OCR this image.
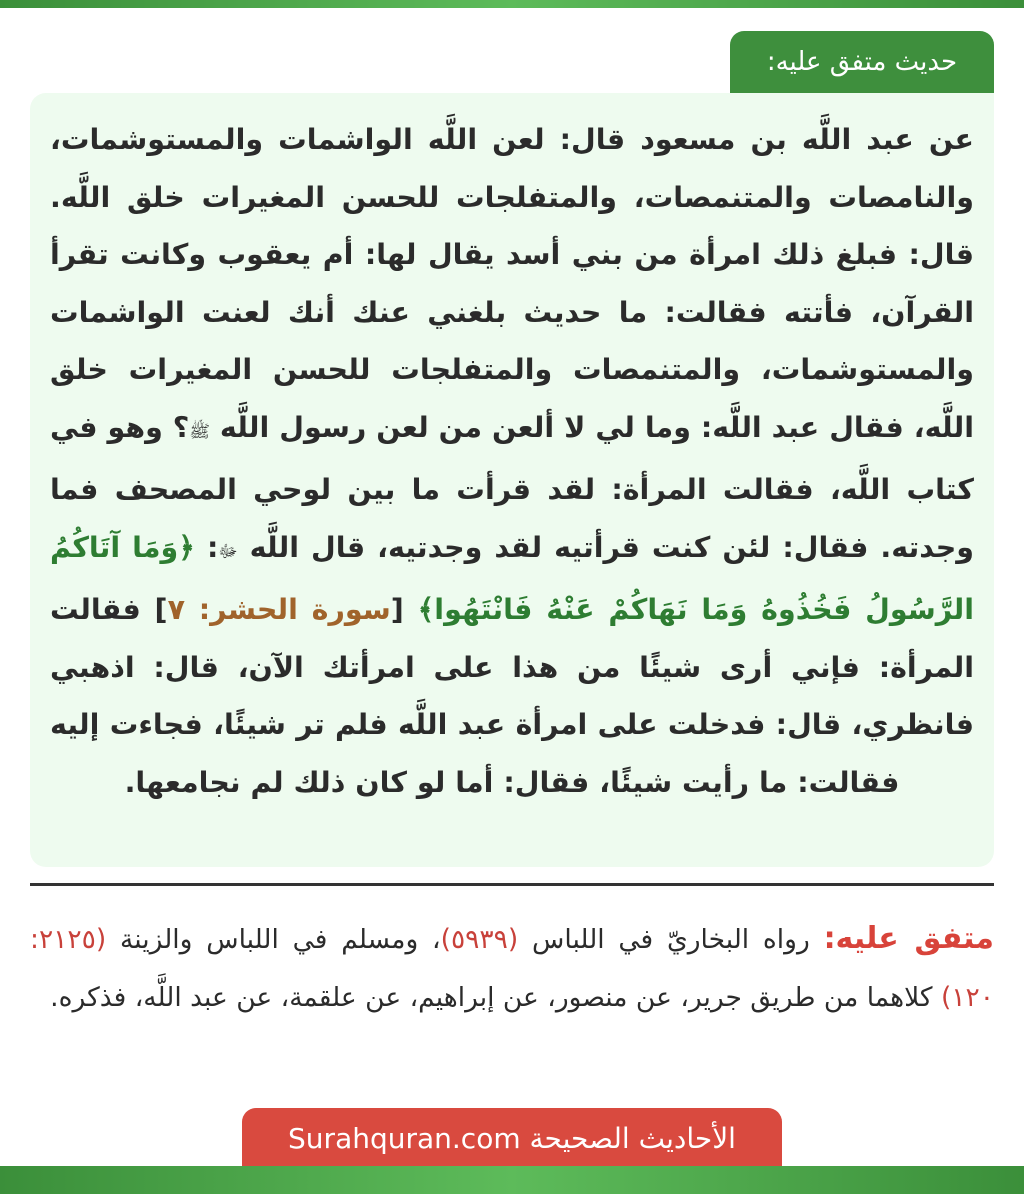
حديث متفق عليه:

عن عبد اللَّه بن مسعود قال: لعن اللَّه الواشمات والمستوشمات، والنامصات والمتنمصات، والمتفلجات للحسن المغيرات خلق اللَّه. قال: فبلغ ذلك امرأة من بني أسد يقال لها: أم يعقوب وكانت تقرأ القرآن، فأتته فقالت: ما حديث بلغني عنك أنك لعنت الواشمات والمستوشمات، والمتنمصات والمتفلجات للحسن المغيرات خلق اللَّه، فقال عبد اللَّه: وما لي لا ألعن من لعن رسول اللَّه ﷺ؟ وهو في كتاب اللَّه، فقالت المرأة: لقد قرأت ما بين لوحي المصحف فما وجدته. فقال: لئن كنت قرأتيه لقد وجدتيه، قال اللَّه ﷻ: ﴿وَمَا آتَاكُمُ الرَّسُولُ فَخُذُوهُ وَمَا نَهَاكُمْ عَنْهُ فَانْتَهُوا﴾ [سورة الحشر: ٧] فقالت المرأة: فإني أرى شيئًا من هذا على امرأتك الآن، قال: اذهبي فانظري، قال: فدخلت على امرأة عبد اللَّه فلم تر شيئًا، فجاءت إليه فقالت: ما رأيت شيئًا، فقال: أما لو كان ذلك لم نجامعها.

متفق عليه: رواه البخاريّ في اللباس (٥٩٣٩)، ومسلم في اللباس والزينة (٢١٢٥: ١٢٠) كلاهما من طريق جرير، عن منصور، عن إبراهيم، عن علقمة، عن عبد اللَّه، فذكره.

الأحاديث الصحيحة Surahquran.com
